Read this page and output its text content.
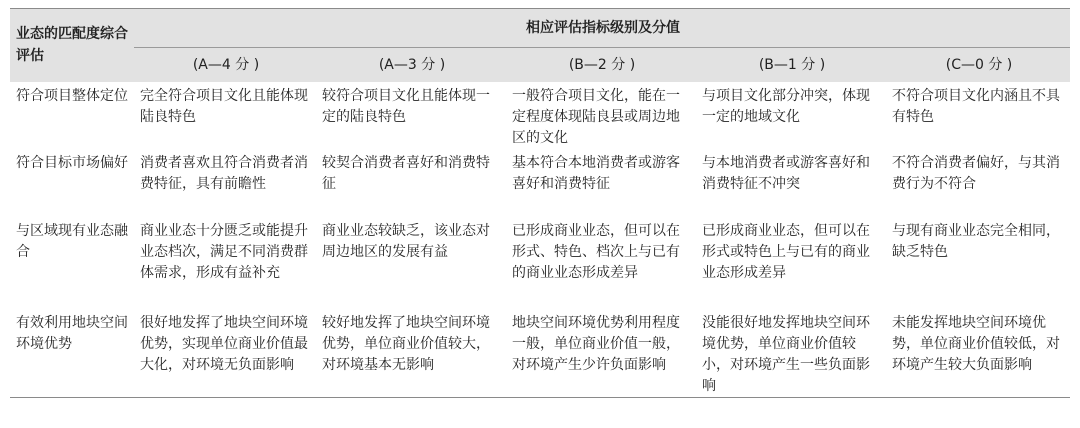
业态的匹配度综合评估	相应评估指标级别及分值				
	(A—4 分 )	(A—3 分 )	(B—2 分 )	(B—1 分 )	(C—0 分 )
符合项目整体定位	完全符合项目文化且能体现陆良特色	较符合项目文化且能体现一定的陆良特色	一般符合项目文化，能在一定程度体现陆良县或周边地区的文化	与项目文化部分冲突，体现一定的地域文化	不符合项目文化内涵且不具有特色
符合目标市场偏好	消费者喜欢且符合消费者消费特征，具有前瞻性	较契合消费者喜好和消费特征	基本符合本地消费者或游客喜好和消费特征	与本地消费者或游客喜好和消费特征不冲突	不符合消费者偏好，与其消费行为不符合
与区域现有业态融合	商业业态十分匮乏或能提升业态档次，满足不同消费群体需求，形成有益补充	商业业态较缺乏，该业态对周边地区的发展有益	已形成商业业态，但可以在形式、特色、档次上与已有的商业业态形成差异	已形成商业业态，但可以在形式或特色上与已有的商业业态形成差异	与现有商业业态完全相同，缺乏特色
有效利用地块空间环境优势	很好地发挥了地块空间环境优势，实现单位商业价值最大化，对环境无负面影响	较好地发挥了地块空间环境优势，单位商业价值较大，对环境基本无影响	地块空间环境优势利用程度一般，单位商业价值一般，对环境产生少许负面影响	没能很好地发挥地块空间环境优势，单位商业价值较小，对环境产生一些负面影响	未能发挥地块空间环境优势，单位商业价值较低，对环境产生较大负面影响
